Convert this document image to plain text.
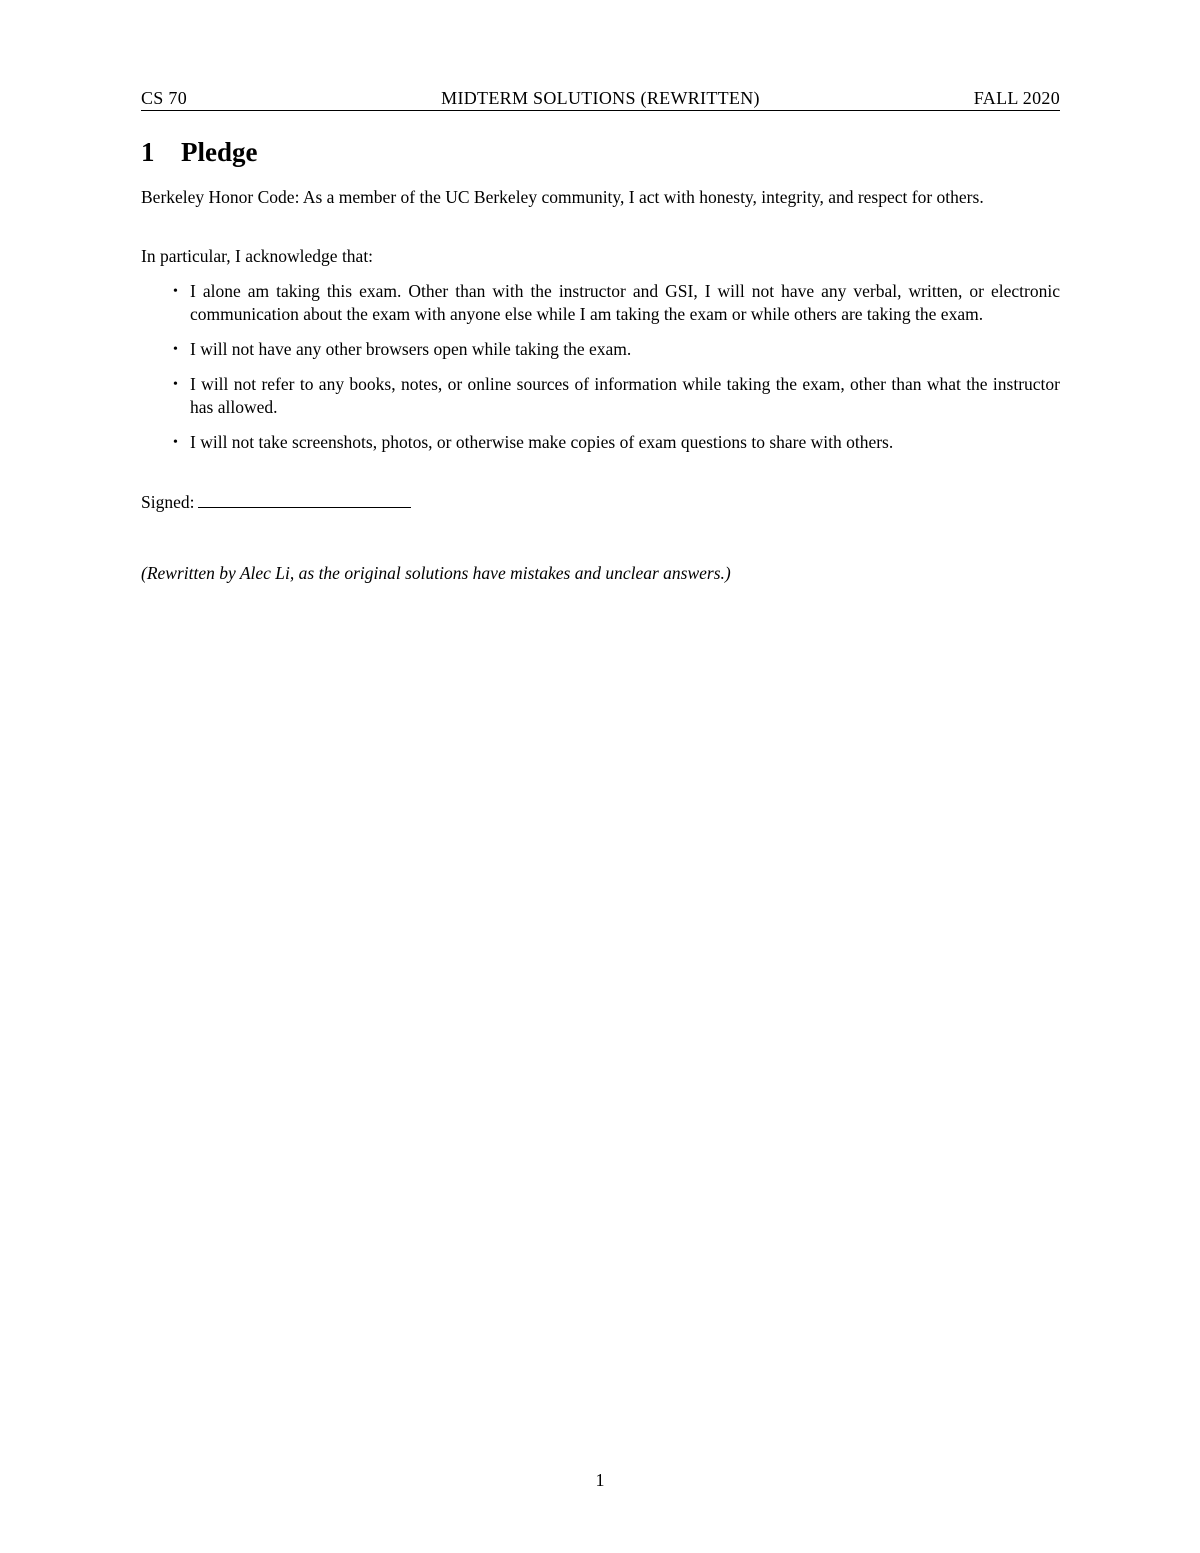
CS 70	MIDTERM SOLUTIONS (REWRITTEN)	FALL 2020
1 Pledge

Berkeley Honor Code: As a member of the UC Berkeley community, I act with honesty, integrity, and respect for others.

In particular, I acknowledge that:

• I alone am taking this exam. Other than with the instructor and GSI, I will not have any verbal, written, or electronic communication about the exam with anyone else while I am taking the exam or while others are taking the exam.
• I will not have any other browsers open while taking the exam.
• I will not refer to any books, notes, or online sources of information while taking the exam, other than what the instructor has allowed.
• I will not take screenshots, photos, or otherwise make copies of exam questions to share with others.
Signed:

(Rewritten by Alec Li, as the original solutions have mistakes and unclear answers.)

1
